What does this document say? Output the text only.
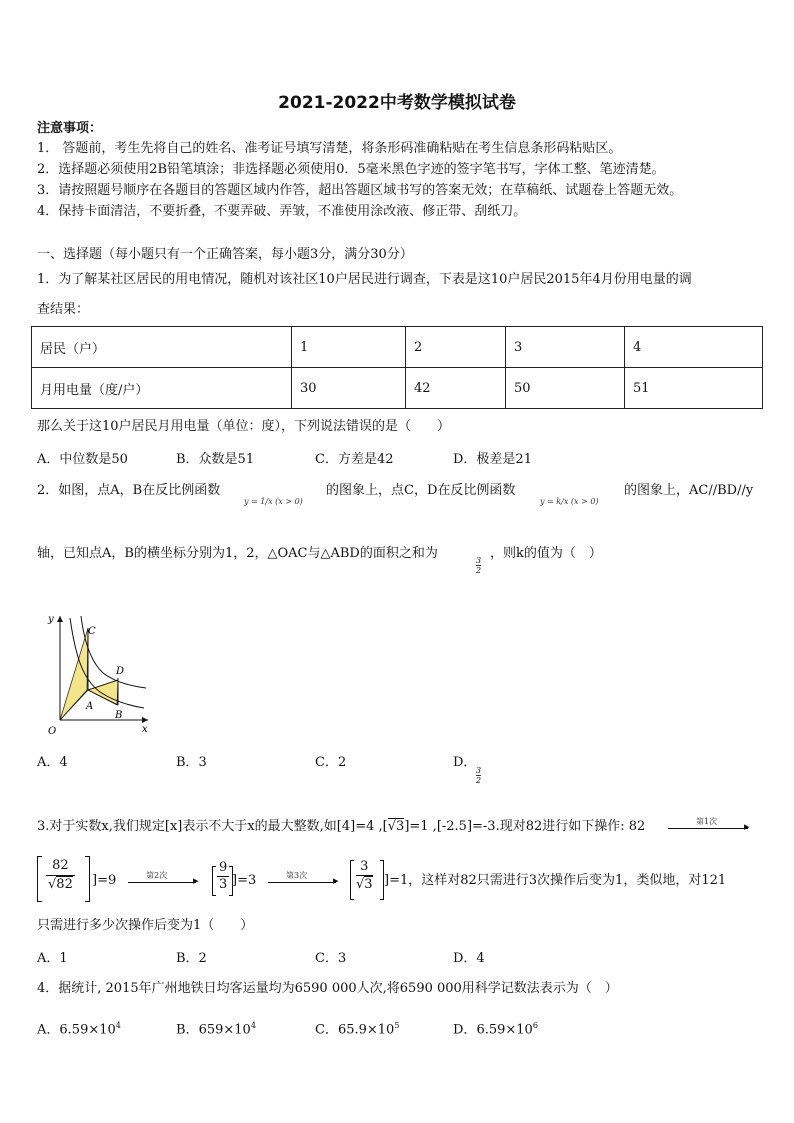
2021-2022中考数学模拟试卷
注意事项：
1． 答题前，考生先将自己的姓名、准考证号填写清楚，将条形码准确粘贴在考生信息条形码粘贴区。
2．选择题必须使用2B铅笔填涂；非选择题必须使用0．5毫米黑色字迹的签字笔书写，字体工整、笔迹清楚。
3．请按照题号顺序在各题目的答题区域内作答，超出答题区域书写的答案无效；在草稿纸、试题卷上答题无效。
4．保持卡面清洁，不要折叠，不要弄破、弄皱，不准使用涂改液、修正带、刮纸刀。
一、选择题（每小题只有一个正确答案，每小题3分，满分30分）
1．为了解某社区居民的用电情况，随机对该社区10户居民进行调查，下表是这10户居民2015年4月份用电量的调
查结果：
居民（户）	1	2	3	4
月用电量（度/户）	30	42	50	51
那么关于这10户居民月用电量（单位：度），下列说法错误的是（　　）
A．中位数是50	B．众数是51	C．方差是42	D．极差是21
2．如图，点A，B在反比例函数
y = 1/x (x > 0)
的图象上，点C，D在反比例函数
y = k/x (x > 0)
的图象上，AC//BD//y
轴，已知点A，B的横坐标分别为1，2，△OAC与△ABD的面积之和为
$\frac{3}{2}$
，则k的值为（　）
y
x
O
A
B
C
D
A．4	B．3	C．2	D．
$\frac{3}{2}$
3.对于实数x,我们规定[x]表示不大于x的最大整数,如[4]=4 ,[√3]=1 ,[-2.5]=-3.现对82进行如下操作: 82	▸
第1次
$\frac{82}{√82} ]=9$	▸
第2次	$\frac{9}{3} ]=3$	▸
第3次	$\frac{3}{√3} ]=1$，这样对82只需进行3次操作后变为1，类似地，对121
只需进行多少次操作后变为1（　　）
A．1	B．2	C．3	D．4
4．据统计, 2015年广州地铁日均客运量均为6590 000人次,将6590 000用科学记数法表示为（　）
A．$6.59\times 10^4$	B．$659\times 10^4$	C．$65.9\times 10^5$	D．$6.59\times 10^6$
